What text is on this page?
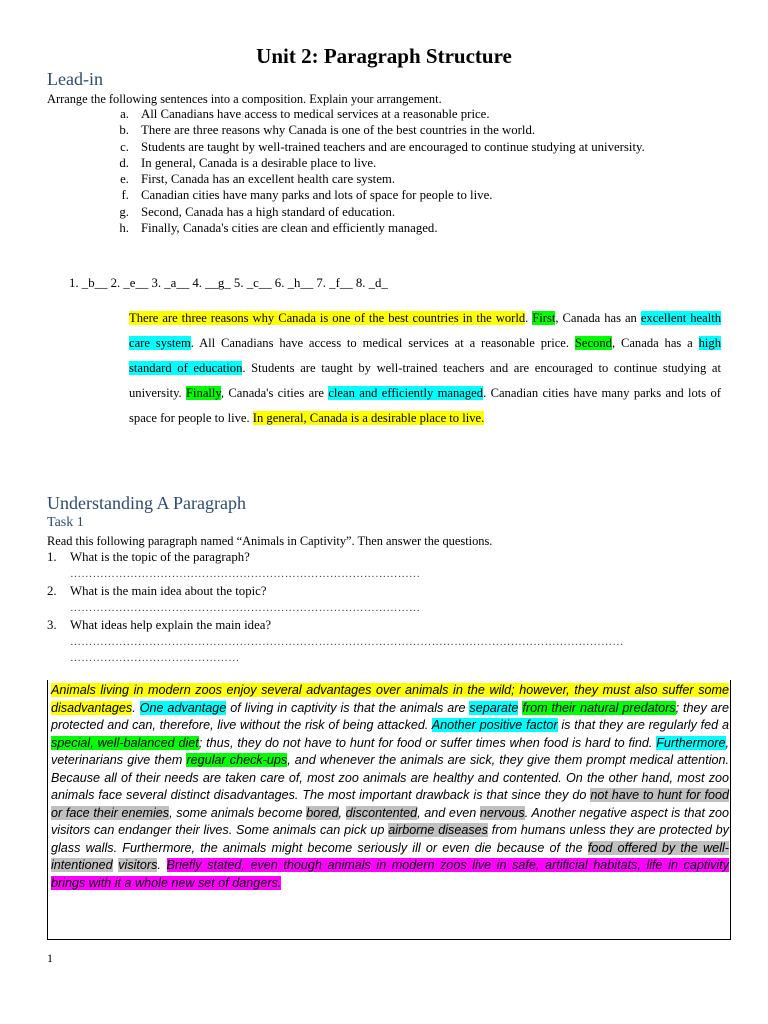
Unit 2: Paragraph Structure
Lead-in
Arrange the following sentences into a composition. Explain your arrangement.
a. All Canadians have access to medical services at a reasonable price.
b. There are three reasons why Canada is one of the best countries in the world.
c. Students are taught by well-trained teachers and are encouraged to continue studying at university.
d. In general, Canada is a desirable place to live.
e. First, Canada has an excellent health care system.
f. Canadian cities have many parks and lots of space for people to live.
g. Second, Canada has a high standard of education.
h. Finally, Canada's cities are clean and efficiently managed.
1. _b__ 2. _e__ 3. _a__ 4. __g_ 5. _c__ 6. _h__ 7. _f__ 8. _d_
There are three reasons why Canada is one of the best countries in the world. First, Canada has an excellent health care system. All Canadians have access to medical services at a reasonable price. Second, Canada has a high standard of education. Students are taught by well-trained teachers and are encouraged to continue studying at university. Finally, Canada's cities are clean and efficiently managed. Canadian cities have many parks and lots of space for people to live. In general, Canada is a desirable place to live.
Understanding A Paragraph
Task 1
Read this following paragraph named “Animals in Captivity”. Then answer the questions.
1.	What is the topic of the paragraph?
…………………………………………………………………………………
2.	What is the main idea about the topic?
…………………………………………………………………………………
3.	What ideas help explain the main idea?
…………………………………………………………………………………………………………………………………
………………………………………
Animals living in modern zoos enjoy several advantages over animals in the wild; however, they must also suffer some disadvantages. One advantage of living in captivity is that the animals are separate from their natural predators; they are protected and can, therefore, live without the risk of being attacked. Another positive factor is that they are regularly fed a special, well-balanced diet; thus, they do not have to hunt for food or suffer times when food is hard to find. Furthermore, veterinarians give them regular check-ups, and whenever the animals are sick, they give them prompt medical attention. Because all of their needs are taken care of, most zoo animals are healthy and contented. On the other hand, most zoo animals face several distinct disadvantages. The most important drawback is that since they do not have to hunt for food or face their enemies, some animals become bored, discontented, and even nervous. Another negative aspect is that zoo visitors can endanger their lives. Some animals can pick up airborne diseases from humans unless they are protected by glass walls. Furthermore, the animals might become seriously ill or even die because of the food offered by the well-intentioned visitors. Briefly stated, even though animals in modern zoos live in safe, artificial habitats, life in captivity brings with it a whole new set of dangers.
1
